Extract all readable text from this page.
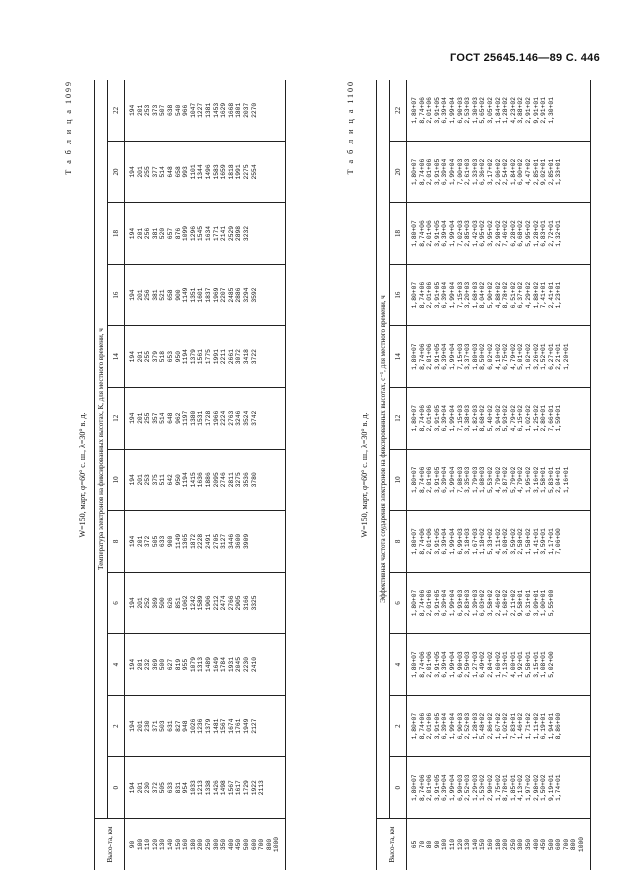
ГОСТ 25645.146—89 С. 446
Т а б л и ц а 1099
W=150, март, φ=60° с. ш., λ=30° в. д.
Высо-та, км
Температура электронов на фиксированных высотах, К, для местного времени, ч
0
2
4
6
8
10
12
14
16
18
20
22
90 100 110 120 130 140 150 160 180 200 250 300 350 400 450 500 600 700 800 1000
194 201 230 372 505 633 831 954 1033 1213 1338 1426 1498 1567 1617 1729 1922 2113
194 201 230 371 503 631 827 948 1026 1236 1379 1481 1567 1674 1761 1949 2127
194 201 232 369 500 627 819 955 1079 1313 1489 1649 1784 1931 2045 2230 2410
194 201 252 369 500 626 851 1062 1242 1589 1906 2212 2474 2766 2905 3166 3325
194 201 372 505 633 900 1149 1365 1872 2228 2491 2705 3127 3446 3600 3909
194 201 253 375 511 642 950 1194 1415 1636 1886 2095 2746 2811 3275 3536 3780
194 201 255 357 514 648 962 1197 1380 1531 1728 1966 2224 2763 3246 3524 3742
194 201 255 379 518 653 950 1194 1379 1561 1775 1991 2211 2661 3072 3418 3722
194 201 256 381 521 658 900 1149 1351 1601 1837 1969 2207 2485 2886 3294 3592
194 201 256 381 520 657 876 1099 1296 1545 1634 1771 2141 2529 2898 3232
194 201 255 377 514 648 658 993 1101 1344 1496 1583 1659 1818 1991 2275 2554
194 201 253 373 507 638 540 966 1047 1227 1381 1453 1629 1668 1801 2037 2270	Т а б л и ц а 1100
W=150, март, φ=60° с. ш., λ=30° в. д.
Высо-та, км
Эффективная частота соударения электронов на фиксированных высотах, c⁻¹, для местного времени, ч
0
2
4
6
8
10
12
14
16
18
20
22
65 70 80 90 100 110 120 130 140 150 160 180 200 250 300 350 400 450 500 600 700 800 1000
1,80+07 8,74+06 2,01+06 3,91+05 6,39+04 1,99+04 6,90+03 2,52+03 1,29+03 1,53+02 2,90+02 1,75+02 8,78+01 1,85+01 4,13+02 1,97+02 2,98+02 1,50+02 9,19+01 1,74+01
1,80+07 8,74+06 2,01+06 3,91+05 6,39+04 1,99+04 6,90+03 2,52+03 1,28+03 5,48+02 2,86+02 1,67+02 1,02+02 7,83+01 1,46+02 1,71+02 1,11+02 6,19+01 1,94+01 8,86+00
1,80+07 8,74+06 2,01+06 3,91+05 6,39+04 1,99+04 6,90+03 2,59+03 1,27+03 6,49+02 2,84+02 1,60+02 7,13+01 4,00+01 1,92+01 5,58+01 3,15+01 1,08+01 5,02+00
1,80+07 8,74+06 2,01+06 3,91+05 6,39+04 1,99+04 6,93+03 2,83+03 1,39+03 6,03+02 3,58+02 2,46+02 1,68+02 2,11+02 9,58+01 6,31+01 3,09+01 1,00+01 5,55+00
1,80+07 8,74+06 2,01+06 3,91+05 6,39+04 1,99+04 6,99+03 3,18+03 1,67+03 1,18+02 5,33+02 4,11+02 3,08+02 3,59+02 2,58+02 1,58+02 1,41+01 3,59+01 1,17+01 7,06+00
1,80+07 8,74+06 2,01+06 3,91+05 6,39+04 1,99+04 7,08+03 3,35+03 1,79+03 1,08+03 5,53+02 4,79+02 3,87+02 5,79+02 4,79+02 1,95+02 3,16+02 1,58+01 5,83+01 2,04+01 1,16+01
1,80+07 8,74+06 2,01+06 3,91+05 6,39+04 1,99+04 7,15+03 3,38+03 1,82+03 8,68+02 5,40+02 3,94+02 5,93+02 4,79+02 6,15+02 1,02+02 1,25+02 2,80+01 7,66+01 1,59+01
1,80+07 8,74+06 2,01+06 3,91+05 6,39+04 1,99+04 7,15+03 3,37+03 1,80+03 8,50+02 6,02+02 4,10+02 6,75+02 4,79+02 5,01+02 1,02+02 3,26+02 1,52+01 6,27+01 2,21+01 1,20+01
1,80+07 8,74+06 2,01+06 3,91+05 6,39+04 1,99+04 7,15+03 3,20+03 1,68+03 8,04+02 5,90+02 4,88+02 8,78+02 6,51+02 6,37+02 4,29+02 1,88+02 7,41+01 2,41+01 1,23+01
1,80+07 8,74+06 2,01+06 3,91+05 6,39+04 1,99+04 7,02+03 2,85+03 1,42+03 6,95+02 3,95+02 2,98+02 7,46+02 6,28+02 6,68+02 5,95+02 1,28+02 6,83+01 2,72+01 1,32+01
1,80+07 8,74+06 2,01+06 3,91+05 6,39+04 1,99+04 7,00+03 2,61+03 1,33+03 6,36+02 3,17+02 2,06+02 2,54+02 1,84+02 6,00+02 4,47+02 2,85+01 9,02+01 2,85+01 1,33+01
1,80+07 8,74+06 2,01+06 3,91+05 6,39+04 1,99+04 6,90+03 2,53+03 1,30+03 5,65+02 3,05+02 1,84+02 1,28+02 4,23+02 3,88+02 2,91+02 9,91+01 2,91+01 1,30+01
